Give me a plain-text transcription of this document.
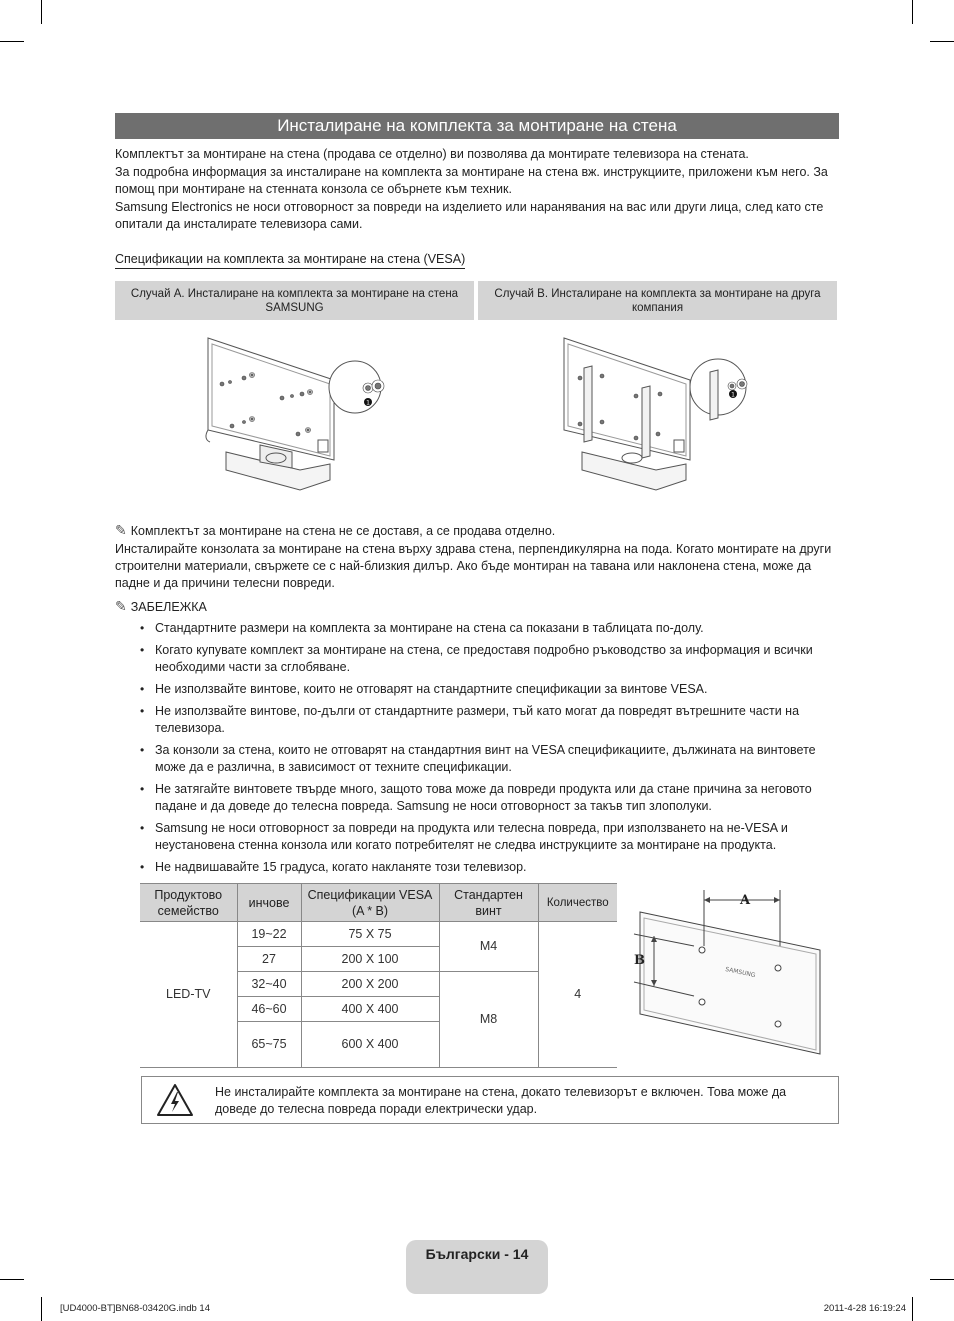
Инсталиране на комплекта за монтиране на стена

Комплектът за монтиране на стена (продава се отделно) ви позволява да монтирате телевизора на стената.

За подробна информация за инсталиране на комплекта за монтиране на стена вж. инструкциите, приложени към него. За помощ при монтиране на стенната конзола се обърнете към техник.

Samsung Electronics не носи отговорност за повреди на изделието или наранявания на вас или други лица, след като сте опитали да инсталирате телевизора сами.

Спецификации на комплекта за монтиране на стена (VESA)
Случай А. Инсталиране на комплекта за монтиране на стена SAMSUNG
Случай B. Инсталиране на комплекта за монтиране на друга компания
1
1
✎ Комплектът за монтиране на стена не се доставя, а се продава отделно.
Инсталирайте конзолата за монтиране на стена върху здрава стена, перпендикулярна на пода. Когато монтирате на други строителни материали, свържете се с най-близкия дилър. Ако бъде монтиран на тавана или наклонена стена, може да падне и да причини телесни повреди.
✎ ЗАБЕЛЕЖКА
• Стандартните размери на комплекта за монтиране на стена са показани в таблицата по-долу.
• Когато купувате комплект за монтиране на стена, се предоставя подробно ръководство за информация и всички необходими части за сглобяване.
• Не използвайте винтове, които не отговарят на стандартните спецификации за винтове VESA.
• Не използвайте винтове, по-дълги от стандартните размери, тъй като могат да повредят вътрешните части на телевизора.
• За конзоли за стена, които не отговарят на стандартния винт на VESA спецификациите, дължината на винтовете може да е различна, в зависимост от техните спецификации.
• Не затягайте винтовете твърде много, защото това може да повреди продукта или да стане причина за неговото падане и да доведе до телесна повреда. Samsung не носи отговорност за такъв тип злополуки.
• Samsung не носи отговорност за повреди на продукта или телесна повреда, при използването на не-VESA и неустановена стенна конзола или когато потребителят не следва инструкциите за монтиране на продукта.
• Не надвишавайте 15 градуса, когато накланяте този телевизор.
Продуктово семейство	инчове	Спецификации VESA (A * B)	Стандартен винт	Количество
LED-TV	19~22	75 X 75	M4	4
	27	200 X 100		
	32~40	200 X 200	M8	
	46~60	400 X 400		
	65~75	600 X 400		
SAMSUNG
A
B
Не инсталирайте комплекта за монтиране на стена, докато телевизорът е включен. Това може да доведе до телесна повреда поради електрически удар.
Български - 14
[UD4000-BT]BN68-03420G.indb 14	2011-4-28 16:19:24
